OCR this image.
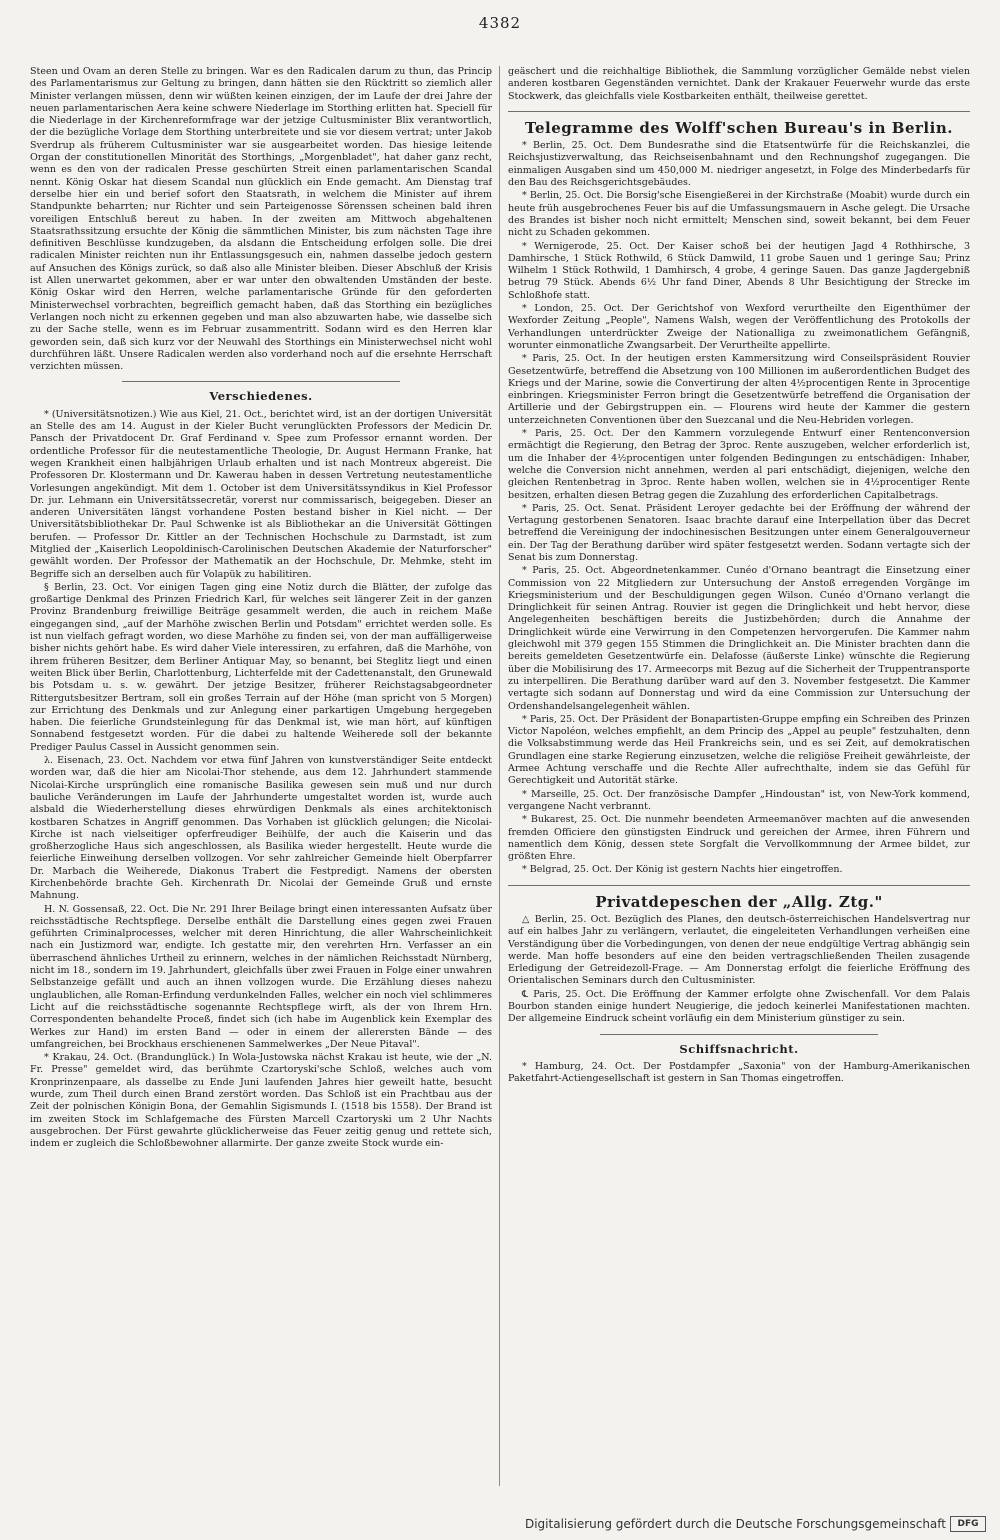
4382

Steen und Ovam an deren Stelle zu bringen. War es den Radicalen darum zu thun, das Princip des Parlamentarismus zur Geltung zu bringen, dann hätten sie den Rücktritt so ziemlich aller Minister verlangen müssen, denn wir wüßten keinen einzigen, der im Laufe der drei Jahre der neuen parlamentarischen Aera keine schwere Niederlage im Storthing erlitten hat. Speciell für die Niederlage in der Kirchenreformfrage war der jetzige Cultusminister Blix verantwortlich, der die bezügliche Vorlage dem Storthing unterbreitete und sie vor diesem vertrat; unter Jakob Sverdrup als früherem Cultusminister war sie ausgearbeitet worden. Das hiesige leitende Organ der constitutionellen Minorität des Storthings, „Morgenbladet", hat daher ganz recht, wenn es den von der radicalen Presse geschürten Streit einen parlamentarischen Scandal nennt. König Oskar hat diesem Scandal nun glücklich ein Ende gemacht. Am Dienstag traf derselbe hier ein und berief sofort den Staatsrath, in welchem die Minister auf ihrem Standpunkte beharrten; nur Richter und sein Parteigenosse Sörenssen scheinen bald ihren voreiligen Entschluß bereut zu haben. In der zweiten am Mittwoch abgehaltenen Staatsrathssitzung ersuchte der König die sämmtlichen Minister, bis zum nächsten Tage ihre definitiven Beschlüsse kundzugeben, da alsdann die Entscheidung erfolgen solle. Die drei radicalen Minister reichten nun ihr Entlassungsgesuch ein, nahmen dasselbe jedoch gestern auf Ansuchen des Königs zurück, so daß also alle Minister bleiben. Dieser Abschluß der Krisis ist Allen unerwartet gekommen, aber er war unter den obwaltenden Umständen der beste. König Oskar wird den Herren, welche parlamentarische Gründe für den geforderten Ministerwechsel vorbrachten, begreiflich gemacht haben, daß das Storthing ein bezügliches Verlangen noch nicht zu erkennen gegeben und man also abzuwarten habe, wie dasselbe sich zu der Sache stelle, wenn es im Februar zusammentritt. Sodann wird es den Herren klar geworden sein, daß sich kurz vor der Neuwahl des Storthings ein Ministerwechsel nicht wohl durchführen läßt. Unsere Radicalen werden also vorderhand noch auf die ersehnte Herrschaft verzichten müssen.

Verschiedenes.

* (Universitätsnotizen.) Wie aus Kiel, 21. Oct., berichtet wird, ist an der dortigen Universität an Stelle des am 14. August in der Kieler Bucht verunglückten Professors der Medicin Dr. Pansch der Privatdocent Dr. Graf Ferdinand v. Spee zum Professor ernannt worden. Der ordentliche Professor für die neutestamentliche Theologie, Dr. August Hermann Franke, hat wegen Krankheit einen halbjährigen Urlaub erhalten und ist nach Montreux abgereist. Die Professoren Dr. Klostermann und Dr. Kawerau haben in dessen Vertretung neutestamentliche Vorlesungen angekündigt. Mit dem 1. October ist dem Universitätssyndikus in Kiel Professor Dr. jur. Lehmann ein Universitätssecretär, vorerst nur commissarisch, beigegeben. Dieser an anderen Universitäten längst vorhandene Posten bestand bisher in Kiel nicht. — Der Universitätsbibliothekar Dr. Paul Schwenke ist als Bibliothekar an die Universität Göttingen berufen. — Professor Dr. Kittler an der Technischen Hochschule zu Darmstadt, ist zum Mitglied der „Kaiserlich Leopoldinisch-Carolinischen Deutschen Akademie der Naturforscher" gewählt worden. Der Professor der Mathematik an der Hochschule, Dr. Mehmke, steht im Begriffe sich an derselben auch für Volapük zu habilitiren.

§ Berlin, 23. Oct. Vor einigen Tagen ging eine Notiz durch die Blätter, der zufolge das großartige Denkmal des Prinzen Friedrich Karl, für welches seit längerer Zeit in der ganzen Provinz Brandenburg freiwillige Beiträge gesammelt werden, die auch in reichem Maße eingegangen sind, „auf der Marhöhe zwischen Berlin und Potsdam" errichtet werden solle. Es ist nun vielfach gefragt worden, wo diese Marhöhe zu finden sei, von der man auffälligerweise bisher nichts gehört habe. Es wird daher Viele interessiren, zu erfahren, daß die Marhöhe, von ihrem früheren Besitzer, dem Berliner Antiquar May, so benannt, bei Steglitz liegt und einen weiten Blick über Berlin, Charlottenburg, Lichterfelde mit der Cadettenanstalt, den Grunewald bis Potsdam u. s. w. gewährt. Der jetzige Besitzer, früherer Reichstagsabgeordneter Rittergutsbesitzer Bertram, soll ein großes Terrain auf der Höhe (man spricht von 5 Morgen) zur Errichtung des Denkmals und zur Anlegung einer parkartigen Umgebung hergegeben haben. Die feierliche Grundsteinlegung für das Denkmal ist, wie man hört, auf künftigen Sonnabend festgesetzt worden. Für die dabei zu haltende Weiherede soll der bekannte Prediger Paulus Cassel in Aussicht genommen sein.

λ. Eisenach, 23. Oct. Nachdem vor etwa fünf Jahren von kunstverständiger Seite entdeckt worden war, daß die hier am Nicolai-Thor stehende, aus dem 12. Jahrhundert stammende Nicolai-Kirche ursprünglich eine romanische Basilika gewesen sein muß und nur durch bauliche Veränderungen im Laufe der Jahrhunderte umgestaltet worden ist, wurde auch alsbald die Wiederherstellung dieses ehrwürdigen Denkmals als eines architektonisch kostbaren Schatzes in Angriff genommen. Das Vorhaben ist glücklich gelungen; die Nicolai-Kirche ist nach vielseitiger opferfreudiger Beihülfe, der auch die Kaiserin und das großherzogliche Haus sich angeschlossen, als Basilika wieder hergestellt. Heute wurde die feierliche Einweihung derselben vollzogen. Vor sehr zahlreicher Gemeinde hielt Oberpfarrer Dr. Marbach die Weiherede, Diakonus Trabert die Festpredigt. Namens der obersten Kirchenbehörde brachte Geh. Kirchenrath Dr. Nicolai der Gemeinde Gruß und ernste Mahnung.

H. N. Gossensaß, 22. Oct. Die Nr. 291 Ihrer Beilage bringt einen interessanten Aufsatz über reichsstädtische Rechtspflege. Derselbe enthält die Darstellung eines gegen zwei Frauen geführten Criminalprocesses, welcher mit deren Hinrichtung, die aller Wahrscheinlichkeit nach ein Justizmord war, endigte. Ich gestatte mir, den verehrten Hrn. Verfasser an ein überraschend ähnliches Urtheil zu erinnern, welches in der nämlichen Reichsstadt Nürnberg, nicht im 18., sondern im 19. Jahrhundert, gleichfalls über zwei Frauen in Folge einer unwahren Selbstanzeige gefällt und auch an ihnen vollzogen wurde. Die Erzählung dieses nahezu unglaublichen, alle Roman-Erfindung verdunkelnden Falles, welcher ein noch viel schlimmeres Licht auf die reichsstädtische sogenannte Rechtspflege wirft, als der von Ihrem Hrn. Correspondenten behandelte Proceß, findet sich (ich habe im Augenblick kein Exemplar des Werkes zur Hand) im ersten Band — oder in einem der allerersten Bände — des umfangreichen, bei Brockhaus erschienenen Sammelwerkes „Der Neue Pitaval".

* Krakau, 24. Oct. (Brandunglück.) In Wola-Justowska nächst Krakau ist heute, wie der „N. Fr. Presse" gemeldet wird, das berühmte Czartoryski'sche Schloß, welches auch vom Kronprinzenpaare, als dasselbe zu Ende Juni laufenden Jahres hier geweilt hatte, besucht wurde, zum Theil durch einen Brand zerstört worden. Das Schloß ist ein Prachtbau aus der Zeit der polnischen Königin Bona, der Gemahlin Sigismunds I. (1518 bis 1558). Der Brand ist im zweiten Stock im Schlafgemache des Fürsten Marcell Czartoryski um 2 Uhr Nachts ausgebrochen. Der Fürst gewahrte glücklicherweise das Feuer zeitig genug und rettete sich, indem er zugleich die Schloßbewohner allarmirte. Der ganze zweite Stock wurde ein-

geäschert und die reichhaltige Bibliothek, die Sammlung vorzüglicher Gemälde nebst vielen anderen kostbaren Gegenständen vernichtet. Dank der Krakauer Feuerwehr wurde das erste Stockwerk, das gleichfalls viele Kostbarkeiten enthält, theilweise gerettet.

Telegramme des Wolff'schen Bureau's in Berlin.

* Berlin, 25. Oct. Dem Bundesrathe sind die Etatsentwürfe für die Reichskanzlei, die Reichsjustizverwaltung, das Reichseisenbahnamt und den Rechnungshof zugegangen. Die einmaligen Ausgaben sind um 450,000 M. niedriger angesetzt, in Folge des Minderbedarfs für den Bau des Reichsgerichtsgebäudes.

* Berlin, 25. Oct. Die Borsig'sche Eisengießerei in der Kirchstraße (Moabit) wurde durch ein heute früh ausgebrochenes Feuer bis auf die Umfassungsmauern in Asche gelegt. Die Ursache des Brandes ist bisher noch nicht ermittelt; Menschen sind, soweit bekannt, bei dem Feuer nicht zu Schaden gekommen.

* Wernigerode, 25. Oct. Der Kaiser schoß bei der heutigen Jagd 4 Rothhirsche, 3 Damhirsche, 1 Stück Rothwild, 6 Stück Damwild, 11 grobe Sauen und 1 geringe Sau; Prinz Wilhelm 1 Stück Rothwild, 1 Damhirsch, 4 grobe, 4 geringe Sauen. Das ganze Jagdergebniß betrug 79 Stück. Abends 6½ Uhr fand Diner, Abends 8 Uhr Besichtigung der Strecke im Schloßhofe statt.

* London, 25. Oct. Der Gerichtshof von Wexford verurtheilte den Eigenthümer der Wexforder Zeitung „People", Namens Walsh, wegen der Veröffentlichung des Protokolls der Verhandlungen unterdrückter Zweige der Nationalliga zu zweimonatlichem Gefängniß, worunter einmonatliche Zwangsarbeit. Der Verurtheilte appellirte.

* Paris, 25. Oct. In der heutigen ersten Kammersitzung wird Conseilspräsident Rouvier Gesetzentwürfe, betreffend die Absetzung von 100 Millionen im außerordentlichen Budget des Kriegs und der Marine, sowie die Convertirung der alten 4½procentigen Rente in 3procentige einbringen. Kriegsminister Ferron bringt die Gesetzentwürfe betreffend die Organisation der Artillerie und der Gebirgstruppen ein. — Flourens wird heute der Kammer die gestern unterzeichneten Conventionen über den Suezcanal und die Neu-Hebriden vorlegen.

* Paris, 25. Oct. Der den Kammern vorzulegende Entwurf einer Rentenconversion ermächtigt die Regierung, den Betrag der 3proc. Rente auszugeben, welcher erforderlich ist, um die Inhaber der 4½procentigen unter folgenden Bedingungen zu entschädigen: Inhaber, welche die Conversion nicht annehmen, werden al pari entschädigt, diejenigen, welche den gleichen Rentenbetrag in 3proc. Rente haben wollen, welchen sie in 4½procentiger Rente besitzen, erhalten diesen Betrag gegen die Zuzahlung des erforderlichen Capitalbetrags.

* Paris, 25. Oct. Senat. Präsident Leroyer gedachte bei der Eröffnung der während der Vertagung gestorbenen Senatoren. Isaac brachte darauf eine Interpellation über das Decret betreffend die Vereinigung der indochinesischen Besitzungen unter einem Generalgouverneur ein. Der Tag der Berathung darüber wird später festgesetzt werden. Sodann vertagte sich der Senat bis zum Donnerstag.

* Paris, 25. Oct. Abgeordnetenkammer. Cunéo d'Ornano beantragt die Einsetzung einer Commission von 22 Mitgliedern zur Untersuchung der Anstoß erregenden Vorgänge im Kriegsministerium und der Beschuldigungen gegen Wilson. Cunéo d'Ornano verlangt die Dringlichkeit für seinen Antrag. Rouvier ist gegen die Dringlichkeit und hebt hervor, diese Angelegenheiten beschäftigen bereits die Justizbehörden; durch die Annahme der Dringlichkeit würde eine Verwirrung in den Competenzen hervorgerufen. Die Kammer nahm gleichwohl mit 379 gegen 155 Stimmen die Dringlichkeit an. Die Minister brachten dann die bereits gemeldeten Gesetzentwürfe ein. Delafosse (äußerste Linke) wünschte die Regierung über die Mobilisirung des 17. Armeecorps mit Bezug auf die Sicherheit der Truppentransporte zu interpelliren. Die Berathung darüber ward auf den 3. November festgesetzt. Die Kammer vertagte sich sodann auf Donnerstag und wird da eine Commission zur Untersuchung der Ordenshandelsangelegenheit wählen.

* Paris, 25. Oct. Der Präsident der Bonapartisten-Gruppe empfing ein Schreiben des Prinzen Victor Napoléon, welches empfiehlt, an dem Princip des „Appel au peuple" festzuhalten, denn die Volksabstimmung werde das Heil Frankreichs sein, und es sei Zeit, auf demokratischen Grundlagen eine starke Regierung einzusetzen, welche die religiöse Freiheit gewährleiste, der Armee Achtung verschaffe und die Rechte Aller aufrechthalte, indem sie das Gefühl für Gerechtigkeit und Autorität stärke.

* Marseille, 25. Oct. Der französische Dampfer „Hindoustan" ist, von New-York kommend, vergangene Nacht verbrannt.

* Bukarest, 25. Oct. Die nunmehr beendeten Armeemanöver machten auf die anwesenden fremden Officiere den günstigsten Eindruck und gereichen der Armee, ihren Führern und namentlich dem König, dessen stete Sorgfalt die Vervollkommnung der Armee bildet, zur größten Ehre.

* Belgrad, 25. Oct. Der König ist gestern Nachts hier eingetroffen.

Privatdepeschen der „Allg. Ztg."

△ Berlin, 25. Oct. Bezüglich des Planes, den deutsch-österreichischen Handelsvertrag nur auf ein halbes Jahr zu verlängern, verlautet, die eingeleiteten Verhandlungen verheißen eine Verständigung über die Vorbedingungen, von denen der neue endgültige Vertrag abhängig sein werde. Man hoffe besonders auf eine den beiden vertragschließenden Theilen zusagende Erledigung der Getreidezoll-Frage. — Am Donnerstag erfolgt die feierliche Eröffnung des Orientalischen Seminars durch den Cultusminister.

℄ Paris, 25. Oct. Die Eröffnung der Kammer erfolgte ohne Zwischenfall. Vor dem Palais Bourbon standen einige hundert Neugierige, die jedoch keinerlei Manifestationen machten. Der allgemeine Eindruck scheint vorläufig ein dem Ministerium günstiger zu sein.

Schiffsnachricht.

* Hamburg, 24. Oct. Der Postdampfer „Saxonia" von der Hamburg-Amerikanischen Paketfahrt-Actiengesellschaft ist gestern in San Thomas eingetroffen.

Digitalisierung gefördert durch die Deutsche Forschungsgemeinschaft	DFG
